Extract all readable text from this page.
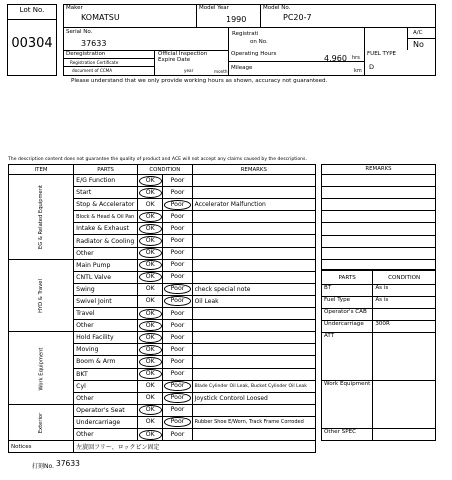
Lot No.
00304
Maker
KOMATSU
Model Year
1990
Model No.
PC20-7
Serial No.
37633
Registrati
on No.
A/C
No
Deregistration
Registration Certificate
document of CCMA
Official Inspection
Expire Date
year	month
Operating Hours	4,960 hrs
Mileage	km
FUEL TYPE
D
Please understand that we only provide working hours as shown, accuracy not guaranteed.
The description content does not guarantee the quality of product and ACE will not accept any claims caused by the descriptions.
ITEM	PARTS	CONDITION		REMARKS
EG & Related Equipment	E/G Function	OK	Poor	
	Start	OK	Poor	
	Stop & Accelerator	OK	Poor	Accelerator Malfunction
	Block & Head & Oil Pan	OK	Poor	
	Intake & Exhaust	OK	Poor	
	Radiator & Cooling	OK	Poor	
	Other	OK	Poor	
HYD & Travel	Main Pump	OK	Poor	
	CNTL Valve	OK	Poor	
	Swing	OK	Poor	check special note
	Swivel Joint	OK	Poor	Oil Leak
	Travel	OK	Poor	
	Other	OK	Poor	
Work Equipment	Hold Facility	OK	Poor	
	Moving	OK	Poor	
	Boom & Arm	OK	Poor	
	BKT	OK	Poor	
	Cyl	OK	Poor	Blade Cylinder Oil Leak, Bucket Cylinder Oil Leak
	Other	OK	Poor	Joystick Contorol Loosed
Exterior	Operator's Seat	OK	Poor	
	Undercarriage	OK	Poor	Rubber Shoe E/Worn, Track Frame Corroded
	Other	OK	Poor	
Notices	左旋回フリー、ロックピン固定			
REMARKS
PARTS	CONDITION
BT	As is
Fuel Type	As is
Operator's CAB	
Undercarriage	300R
ATT	
Work Equipment	
Other SPEC	
打刻No. 37633
